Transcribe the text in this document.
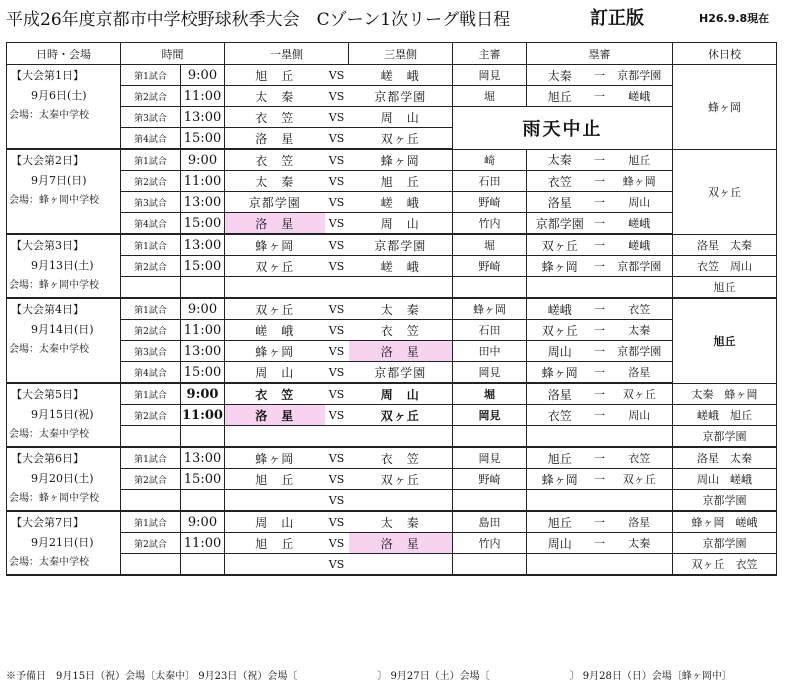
平成26年度京都市中学校野球秋季大会　Cゾーン1次リーグ戦日程	訂正版	H26.9.8現在
日時・会場	時間		一塁側		三塁側	主審	塁審			休日校

【大会第1日】
9月6日(土)
会場：太秦中学校	第1試合	9:00	旭　丘	VS	嵯　峨	岡見	太秦	一	京都学園	蜂ヶ岡
	第2試合	11:00	太　秦	VS	京都学園	堀	旭丘	一	嵯峨	
	第3試合	13:00	衣　笠	VS	周　山	雨天中止				
	第4試合	15:00	洛　星	VS	双ヶ丘					

【大会第2日】
9月7日(日)
会場：蜂ヶ岡中学校	第1試合	9:00	衣　笠	VS	蜂ヶ岡	崎	太秦	一	旭丘	双ヶ丘
	第2試合	11:00	太　秦	VS	旭　丘	石田	衣笠	一	蜂ヶ岡	
	第3試合	13:00	京都学園	VS	嵯　峨	野崎	洛星	一	周山	
	第4試合	15:00	洛　星	VS	周　山	竹内	京都学園	一	嵯峨	

【大会第3日】
9月13日(土)
会場：蜂ヶ岡中学校	第1試合	13:00	蜂ヶ岡	VS	京都学園	堀	双ヶ丘	一	嵯峨	洛星　太秦
	第2試合	15:00	双ヶ丘	VS	嵯　峨	野崎	蜂ヶ岡	一	京都学園	衣笠　周山
										旭丘

【大会第4日】
9月14日(日)
会場：太秦中学校	第1試合	9:00	双ヶ丘	VS	太　秦	蜂ヶ岡	嵯峨	一	衣笠	旭丘
	第2試合	11:00	嵯　峨	VS	衣　笠	石田	双ヶ丘	一	太秦	
	第3試合	13:00	蜂ヶ岡	VS	洛　星	田中	周山	一	京都学園	
	第4試合	15:00	周　山	VS	京都学園	岡見	蜂ヶ岡	一	洛星	

【大会第5日】
9月15日(祝)
会場：太秦中学校	第1試合	9:00	衣　笠	VS	周　山	堀	洛星	一	双ヶ丘	太秦　蜂ヶ岡
	第2試合	11:00	洛　星	VS	双ヶ丘	岡見	衣笠	一	周山	嵯峨　旭丘
										京都学園

【大会第6日】
9月20日(土)
会場：蜂ヶ岡中学校	第1試合	13:00	蜂ヶ岡	VS	衣　笠	岡見	旭丘	一	衣笠	洛星　太秦
	第2試合	15:00	旭　丘	VS	双ヶ丘	野崎	蜂ヶ岡	一	双ヶ丘	周山　嵯峨
				VS						京都学園

【大会第7日】
9月21日(日)
会場：太秦中学校	第1試合	9:00	周　山	VS	太　秦	島田	旭丘	一	洛星	蜂ヶ岡　嵯峨
	第2試合	11:00	旭　丘	VS	洛　星	竹内	周山	一	太秦	京都学園
				VS						双ヶ丘　衣笠
※予備日　9月15日（祝）会場〔太秦中〕 9月23日（祝）会場〔　　　　　　　　〕 9月27日（土）会場〔　　　　　　　　〕 9月28日（日）会場〔蜂ヶ岡中〕
